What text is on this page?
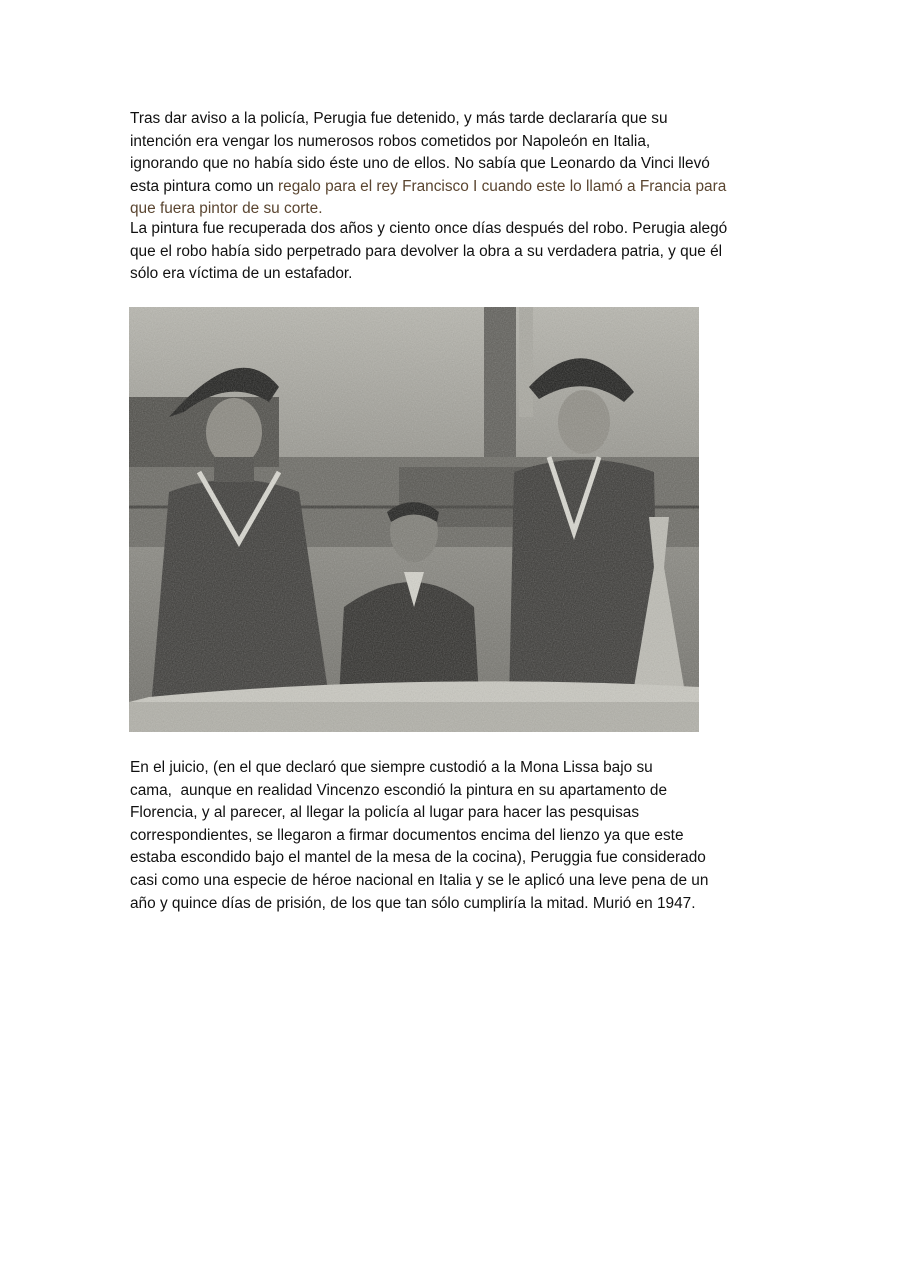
Tras dar aviso a la policía, Perugia fue detenido, y más tarde declararía que su
intención era vengar los numerosos robos cometidos por Napoleón en Italia,
ignorando que no había sido éste uno de ellos. No sabía que Leonardo da Vinci llevó
esta pintura como un regalo para el rey Francisco I cuando este lo llamó a Francia para
que fuera pintor de su corte.

La pintura fue recuperada dos años y ciento once días después del robo. Perugia alegó
que el robo había sido perpetrado para devolver la obra a su verdadera patria, y que él
sólo era víctima de un estafador.

En el juicio, (en el que declaró que siempre custodió a la Mona Lissa bajo su
cama,  aunque en realidad Vincenzo escondió la pintura en su apartamento de
Florencia, y al parecer, al llegar la policía al lugar para hacer las pesquisas
correspondientes, se llegaron a firmar documentos encima del lienzo ya que este
estaba escondido bajo el mantel de la mesa de la cocina), Peruggia fue considerado
casi como una especie de héroe nacional en Italia y se le aplicó una leve pena de un
año y quince días de prisión, de los que tan sólo cumpliría la mitad. Murió en 1947.
